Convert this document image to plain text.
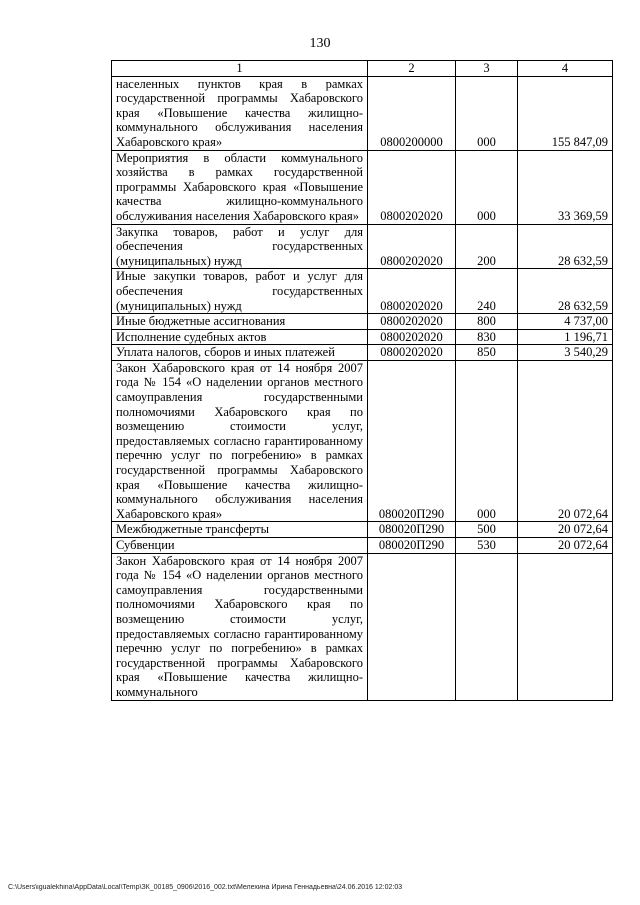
130
1	2	3	4
населенных пунктов края в рамках государственной программы Хабаровского края «Повышение качества жилищно-коммунального обслуживания населения Хабаровского края»	0800200000	000	155 847,09
Мероприятия в области коммунального хозяйства в рамках государственной программы Хабаровского края «Повышение качества жилищно-коммунального обслуживания населения Хабаровского края»	0800202020	000	33 369,59
Закупка товаров, работ и услуг для обеспечения государственных (муниципальных) нужд	0800202020	200	28 632,59
Иные закупки товаров, работ и услуг для обеспечения государственных (муниципальных) нужд	0800202020	240	28 632,59
Иные бюджетные ассигнования	0800202020	800	4 737,00
Исполнение судебных актов	0800202020	830	1 196,71
Уплата налогов, сборов и иных платежей	0800202020	850	3 540,29
Закон Хабаровского края от 14 ноября 2007 года № 154 «О наделении органов местного самоуправления государственными полномочиями Хабаровского края по возмещению стоимости услуг, предоставляемых согласно гарантированному перечню услуг по погребению» в рамках государственной программы Хабаровского края «Повышение качества жилищно-коммунального обслуживания населения Хабаровского края»	080020П290	000	20 072,64
Межбюджетные трансферты	080020П290	500	20 072,64
Субвенции	080020П290	530	20 072,64
Закон Хабаровского края от 14 ноября 2007 года № 154 «О наделении органов местного самоуправления государственными полномочиями Хабаровского края по возмещению стоимости услуг, предоставляемых согласно гарантированному перечню услуг по погребению» в рамках государственной программы Хабаровского края «Повышение качества жилищно-коммунального			
C:\Users\igualekhina\AppData\Local\Temp\ЗК_00185_0906\2016_002.txt\Мелехина Ирина Геннадьевна\24.06.2016 12:02:03
